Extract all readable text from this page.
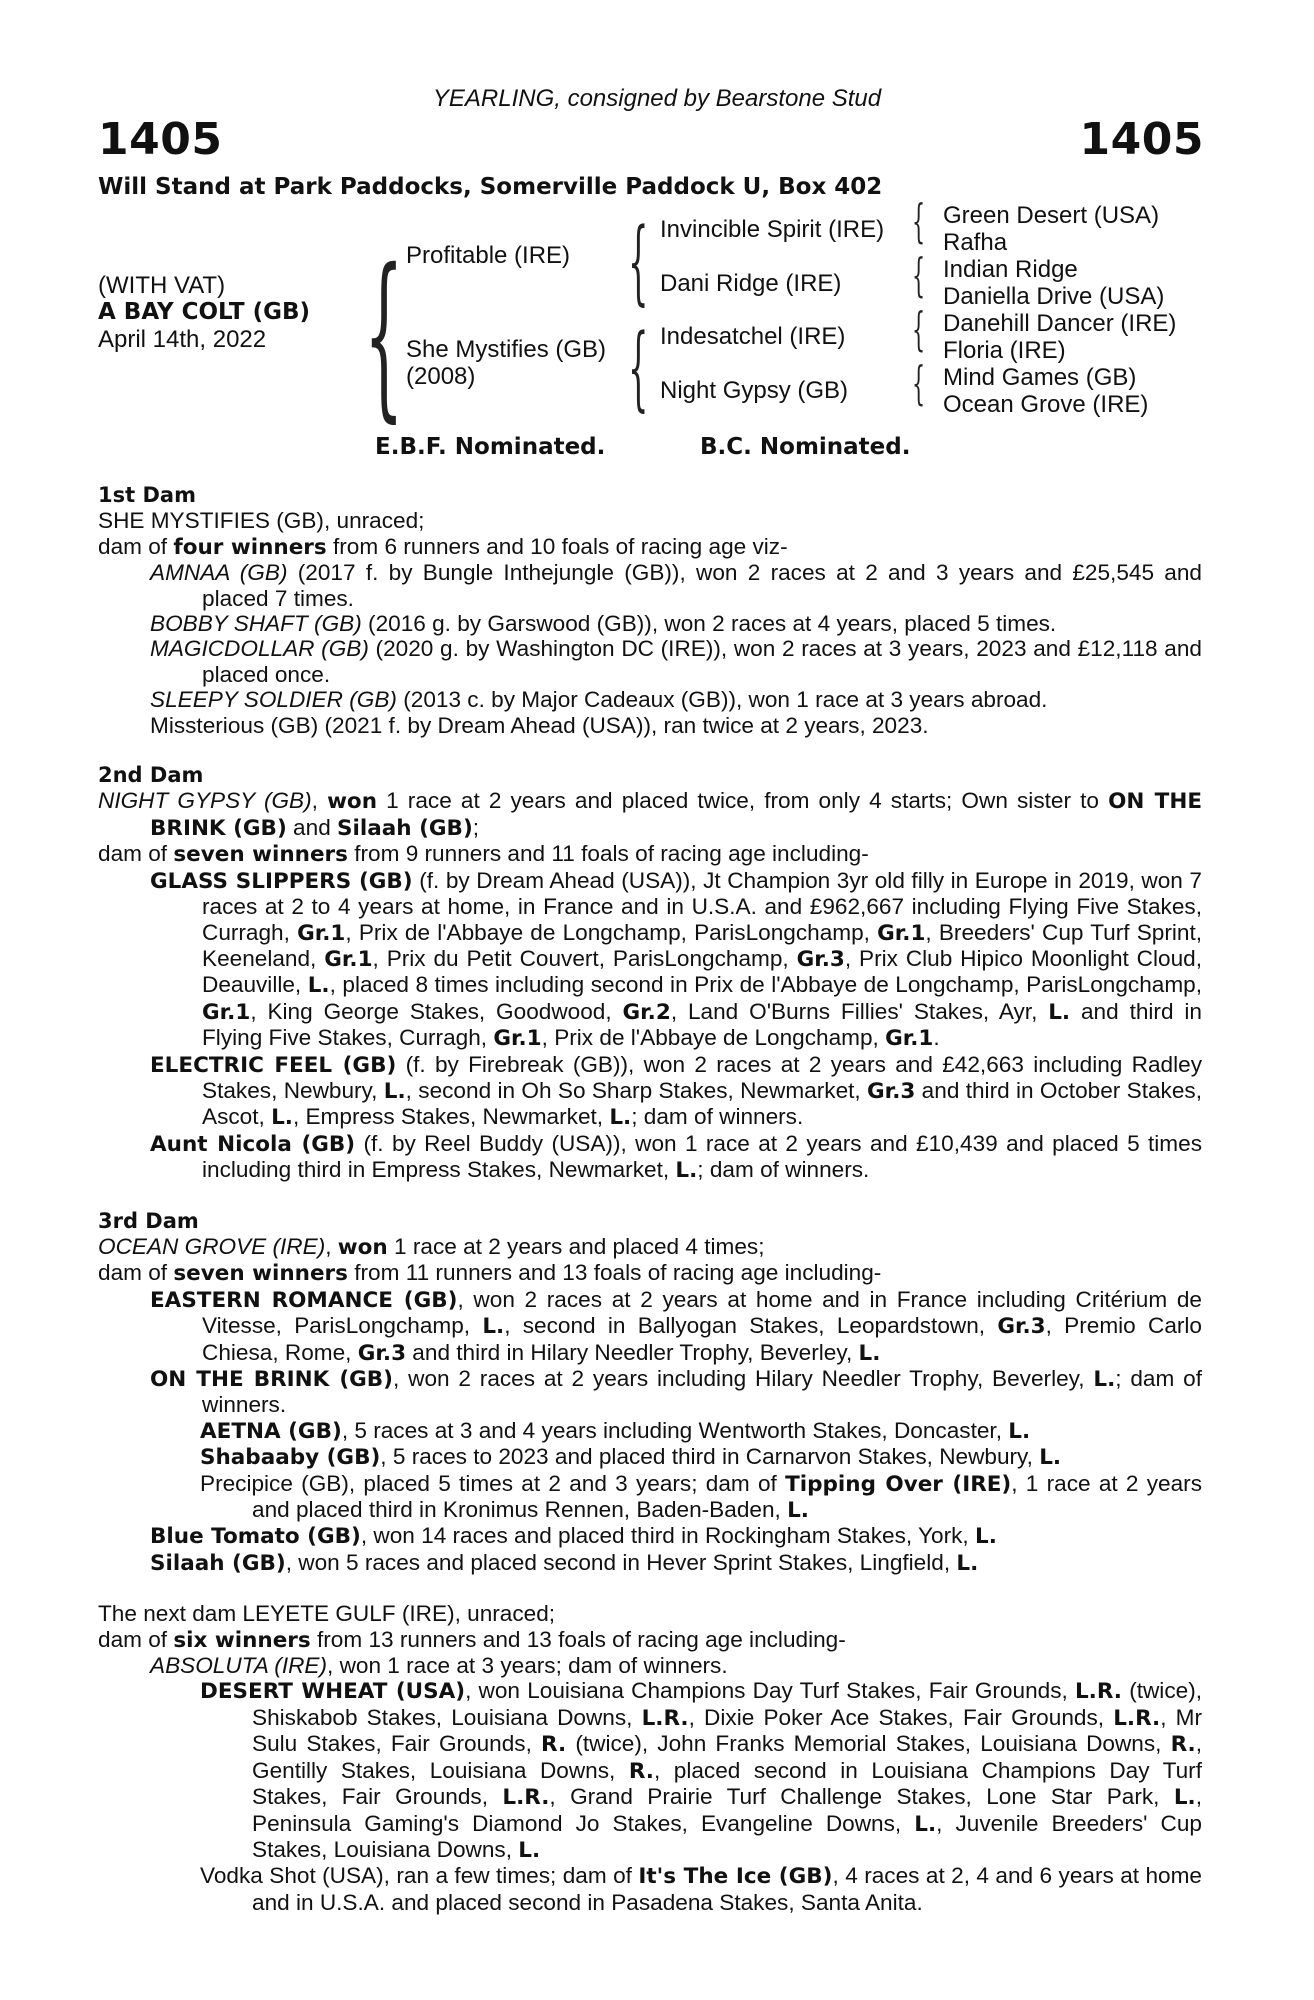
YEARLING, consigned by Bearstone Stud
1405	1405
Will Stand at Park Paddocks, Somerville Paddock U, Box 402
(WITH VAT)
A BAY COLT (GB)
April 14th, 2022 { {
{
{
{
{
{
Profitable (IRE)
She Mystifies (GB)
(2008)
Invincible Spirit (IRE)
Dani Ridge (IRE)
Indesatchel (IRE)
Night Gypsy (GB)
Green Desert (USA)
Rafha
Indian Ridge
Daniella Drive (USA)
Danehill Dancer (IRE)
Floria (IRE)
Mind Games (GB)
Ocean Grove (IRE)
E.B.F. Nominated.	B.C. Nominated.
1st Dam
SHE MYSTIFIES (GB), unraced;
dam of four winners from 6 runners and 10 foals of racing age viz-
AMNAA (GB) (2017 f. by Bungle Inthejungle (GB)), won 2 races at 2 and 3 years and £25,545 and placed 7 times.
BOBBY SHAFT (GB) (2016 g. by Garswood (GB)), won 2 races at 4 years, placed 5 times.
MAGICDOLLAR (GB) (2020 g. by Washington DC (IRE)), won 2 races at 3 years, 2023 and £12,118 and placed once.
SLEEPY SOLDIER (GB) (2013 c. by Major Cadeaux (GB)), won 1 race at 3 years abroad.
Missterious (GB) (2021 f. by Dream Ahead (USA)), ran twice at 2 years, 2023.
2nd Dam
NIGHT GYPSY (GB), won 1 race at 2 years and placed twice, from only 4 starts; Own sister to ON THE BRINK (GB) and Silaah (GB);
dam of seven winners from 9 runners and 11 foals of racing age including-
GLASS SLIPPERS (GB) (f. by Dream Ahead (USA)), Jt Champion 3yr old filly in Europe in 2019, won 7 races at 2 to 4 years at home, in France and in U.S.A. and £962,667 including Flying Five Stakes, Curragh, Gr.1, Prix de l'Abbaye de Longchamp, ParisLongchamp, Gr.1, Breeders' Cup Turf Sprint, Keeneland, Gr.1, Prix du Petit Couvert, ParisLongchamp, Gr.3, Prix Club Hipico Moonlight Cloud, Deauville, L., placed 8 times including second in Prix de l'Abbaye de Longchamp, ParisLongchamp, Gr.1, King George Stakes, Goodwood, Gr.2, Land O'Burns Fillies' Stakes, Ayr, L. and third in Flying Five Stakes, Curragh, Gr.1, Prix de l'Abbaye de Longchamp, Gr.1.
ELECTRIC FEEL (GB) (f. by Firebreak (GB)), won 2 races at 2 years and £42,663 including Radley Stakes, Newbury, L., second in Oh So Sharp Stakes, Newmarket, Gr.3 and third in October Stakes, Ascot, L., Empress Stakes, Newmarket, L.; dam of winners.
Aunt Nicola (GB) (f. by Reel Buddy (USA)), won 1 race at 2 years and £10,439 and placed 5 times including third in Empress Stakes, Newmarket, L.; dam of winners.
3rd Dam
OCEAN GROVE (IRE), won 1 race at 2 years and placed 4 times;
dam of seven winners from 11 runners and 13 foals of racing age including-
EASTERN ROMANCE (GB), won 2 races at 2 years at home and in France including Critérium de Vitesse, ParisLongchamp, L., second in Ballyogan Stakes, Leopardstown, Gr.3, Premio Carlo Chiesa, Rome, Gr.3 and third in Hilary Needler Trophy, Beverley, L.
ON THE BRINK (GB), won 2 races at 2 years including Hilary Needler Trophy, Beverley, L.; dam of winners.
AETNA (GB), 5 races at 3 and 4 years including Wentworth Stakes, Doncaster, L.
Shabaaby (GB), 5 races to 2023 and placed third in Carnarvon Stakes, Newbury, L.
Precipice (GB), placed 5 times at 2 and 3 years; dam of Tipping Over (IRE), 1 race at 2 years and placed third in Kronimus Rennen, Baden-Baden, L.
Blue Tomato (GB), won 14 races and placed third in Rockingham Stakes, York, L.
Silaah (GB), won 5 races and placed second in Hever Sprint Stakes, Lingfield, L.
The next dam LEYETE GULF (IRE), unraced;
dam of six winners from 13 runners and 13 foals of racing age including-
ABSOLUTA (IRE), won 1 race at 3 years; dam of winners.
DESERT WHEAT (USA), won Louisiana Champions Day Turf Stakes, Fair Grounds, L.R. (twice), Shiskabob Stakes, Louisiana Downs, L.R., Dixie Poker Ace Stakes, Fair Grounds, L.R., Mr Sulu Stakes, Fair Grounds, R. (twice), John Franks Memorial Stakes, Louisiana Downs, R., Gentilly Stakes, Louisiana Downs, R., placed second in Louisiana Champions Day Turf Stakes, Fair Grounds, L.R., Grand Prairie Turf Challenge Stakes, Lone Star Park, L., Peninsula Gaming's Diamond Jo Stakes, Evangeline Downs, L., Juvenile Breeders' Cup Stakes, Louisiana Downs, L.
Vodka Shot (USA), ran a few times; dam of It's The Ice (GB), 4 races at 2, 4 and 6 years at home and in U.S.A. and placed second in Pasadena Stakes, Santa Anita.
